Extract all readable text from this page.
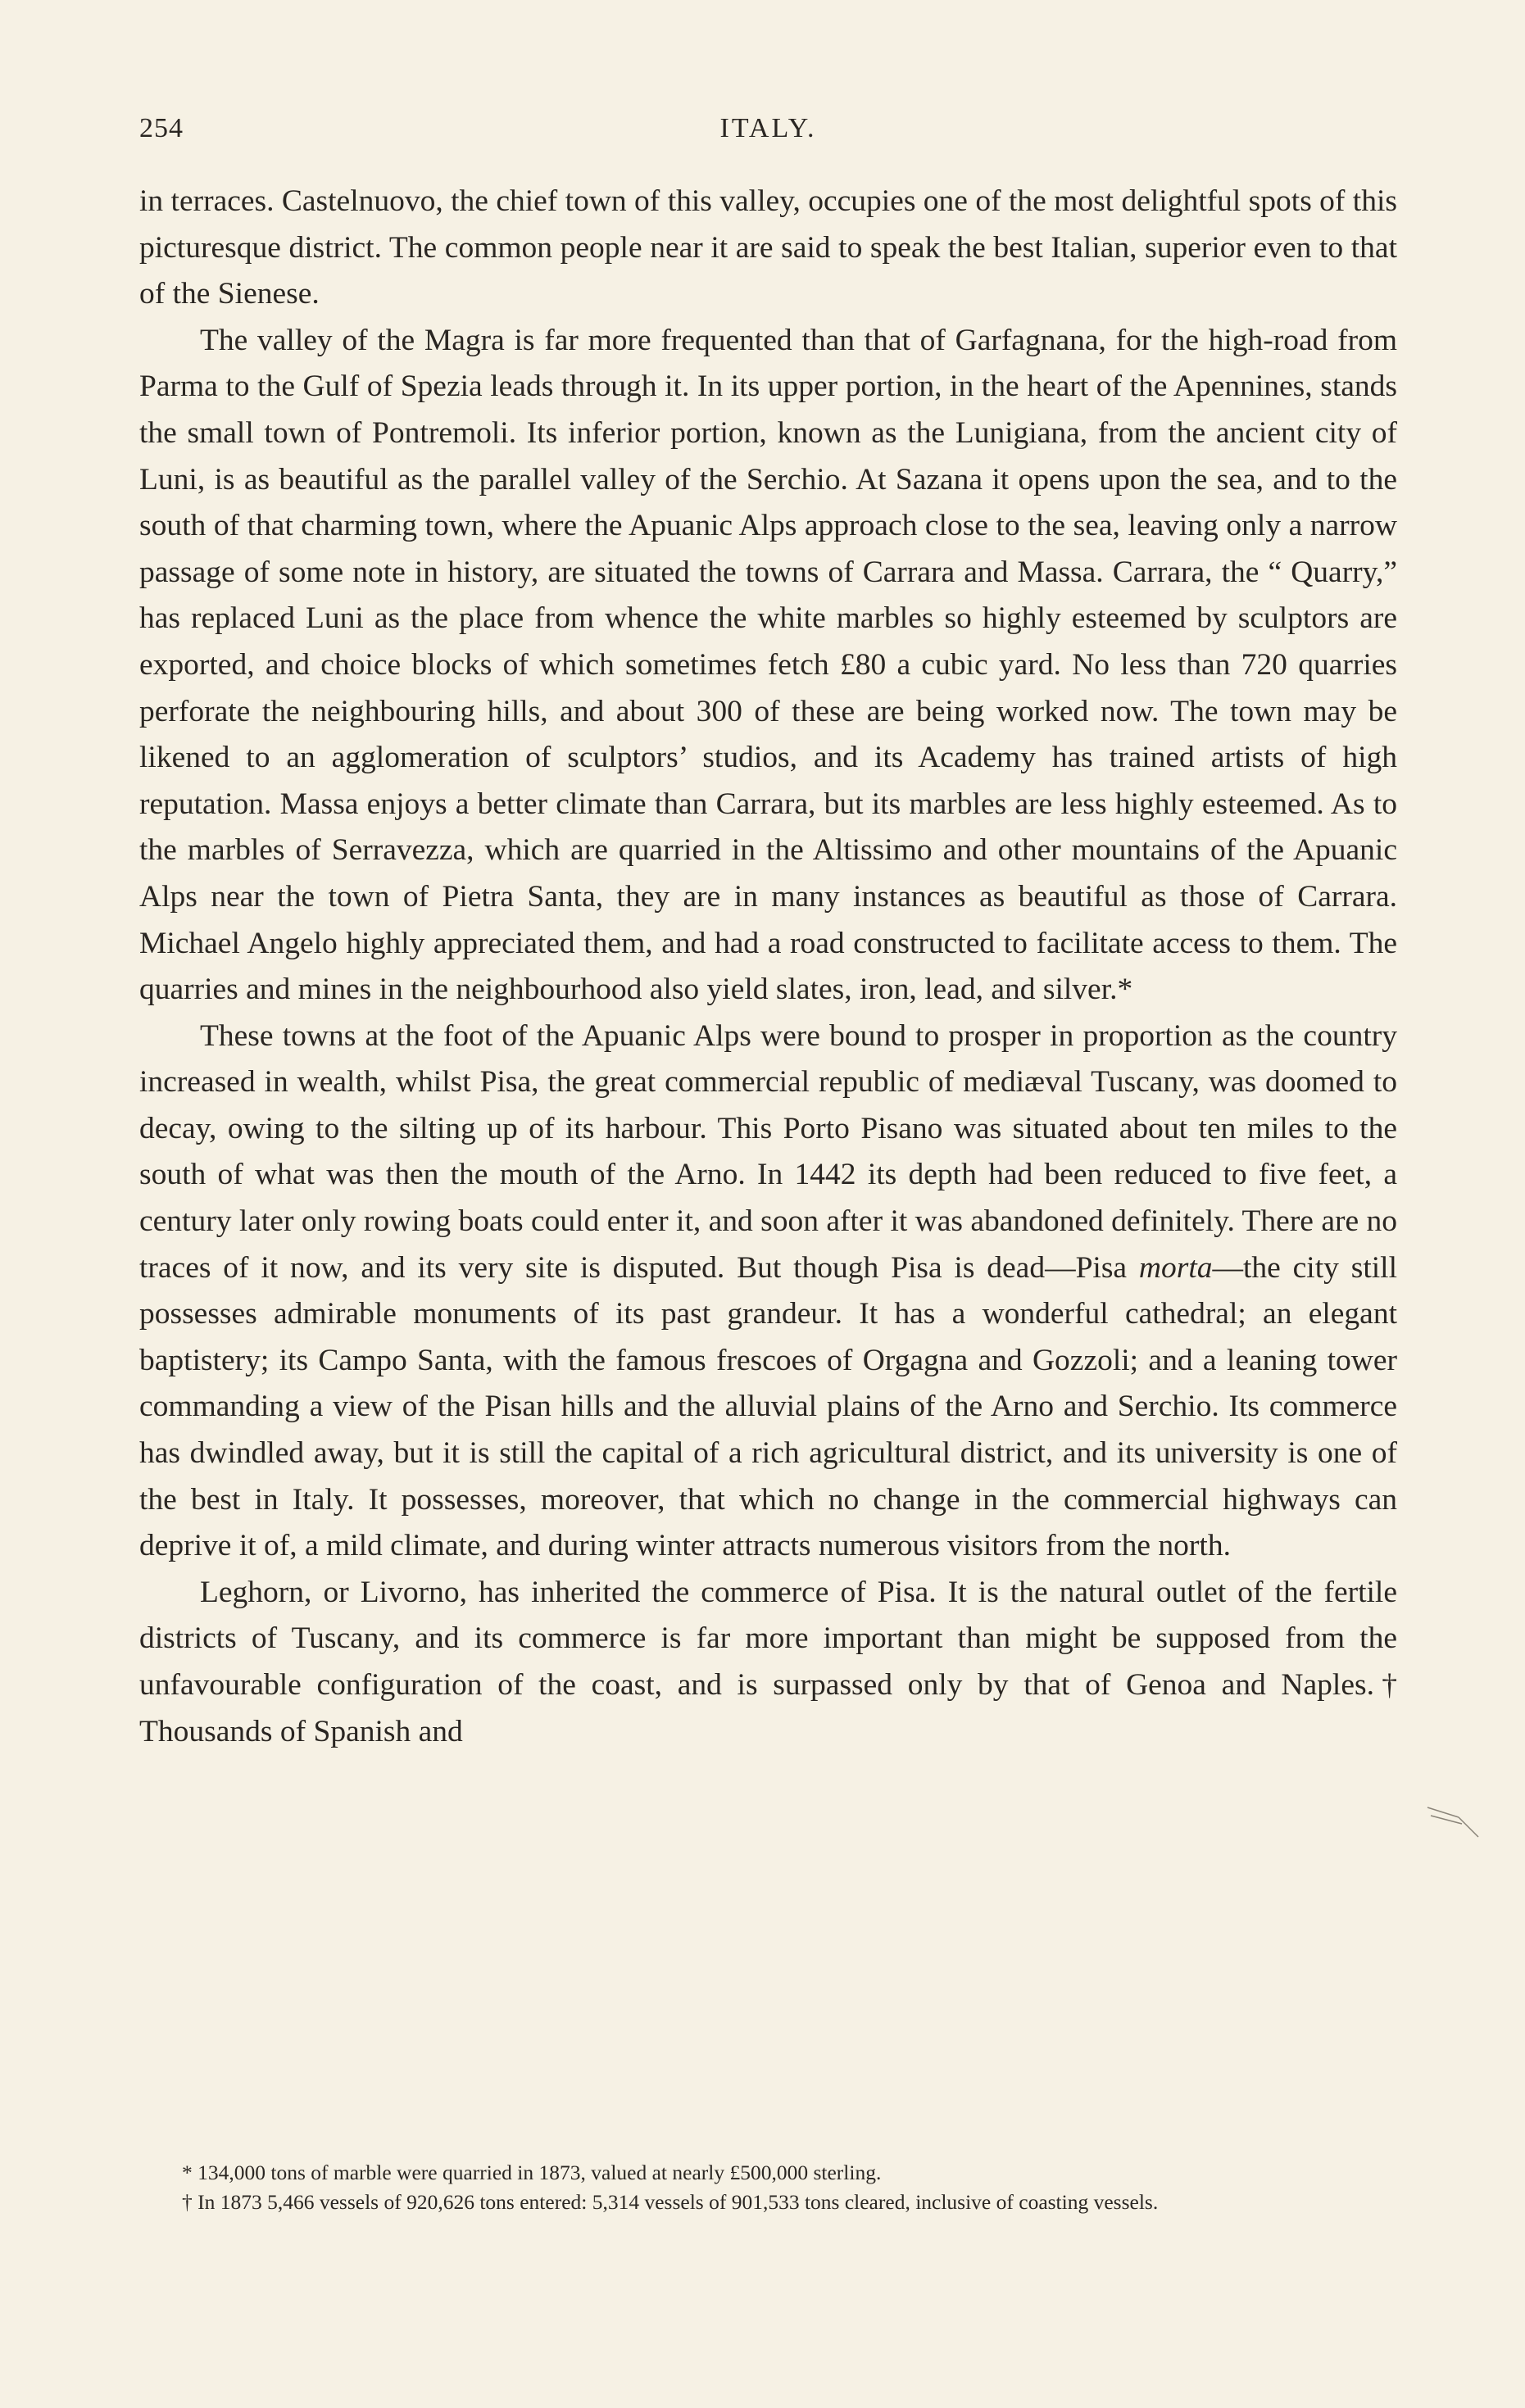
254	ITALY.

in terraces. Castelnuovo, the chief town of this valley, occupies one of the most delightful spots of this picturesque district. The common people near it are said to speak the best Italian, superior even to that of the Sienese.

The valley of the Magra is far more frequented than that of Garfagnana, for the high-road from Parma to the Gulf of Spezia leads through it. In its upper portion, in the heart of the Apennines, stands the small town of Pontremoli. Its inferior portion, known as the Lunigiana, from the ancient city of Luni, is as beautiful as the parallel valley of the Serchio. At Sazana it opens upon the sea, and to the south of that charming town, where the Apuanic Alps approach close to the sea, leaving only a narrow passage of some note in history, are situated the towns of Carrara and Massa. Carrara, the “ Quarry,” has replaced Luni as the place from whence the white marbles so highly esteemed by sculptors are exported, and choice blocks of which sometimes fetch £80 a cubic yard. No less than 720 quarries perforate the neighbouring hills, and about 300 of these are being worked now. The town may be likened to an agglomeration of sculptors’ studios, and its Academy has trained artists of high reputation. Massa enjoys a better climate than Carrara, but its marbles are less highly esteemed. As to the marbles of Serravezza, which are quarried in the Altissimo and other mountains of the Apuanic Alps near the town of Pietra Santa, they are in many instances as beautiful as those of Carrara. Michael Angelo highly appreciated them, and had a road constructed to facilitate access to them. The quarries and mines in the neighbourhood also yield slates, iron, lead, and silver.*

These towns at the foot of the Apuanic Alps were bound to prosper in proportion as the country increased in wealth, whilst Pisa, the great commercial republic of mediæval Tuscany, was doomed to decay, owing to the silting up of its harbour. This Porto Pisano was situated about ten miles to the south of what was then the mouth of the Arno. In 1442 its depth had been reduced to five feet, a century later only rowing boats could enter it, and soon after it was abandoned definitely. There are no traces of it now, and its very site is disputed. But though Pisa is dead—Pisa morta—the city still possesses admirable monuments of its past grandeur. It has a wonderful cathedral; an elegant baptistery; its Campo Santa, with the famous frescoes of Orgagna and Gozzoli; and a leaning tower commanding a view of the Pisan hills and the alluvial plains of the Arno and Serchio. Its commerce has dwindled away, but it is still the capital of a rich agricultural district, and its university is one of the best in Italy. It possesses, moreover, that which no change in the commercial highways can deprive it of, a mild climate, and during winter attracts numerous visitors from the north.

Leghorn, or Livorno, has inherited the commerce of Pisa. It is the natural outlet of the fertile districts of Tuscany, and its commerce is far more important than might be supposed from the unfavourable configuration of the coast, and is surpassed only by that of Genoa and Naples.† Thousands of Spanish and

* 134,000 tons of marble were quarried in 1873, valued at nearly £500,000 sterling.

† In 1873 5,466 vessels of 920,626 tons entered: 5,314 vessels of 901,533 tons cleared, inclusive of coasting vessels.
